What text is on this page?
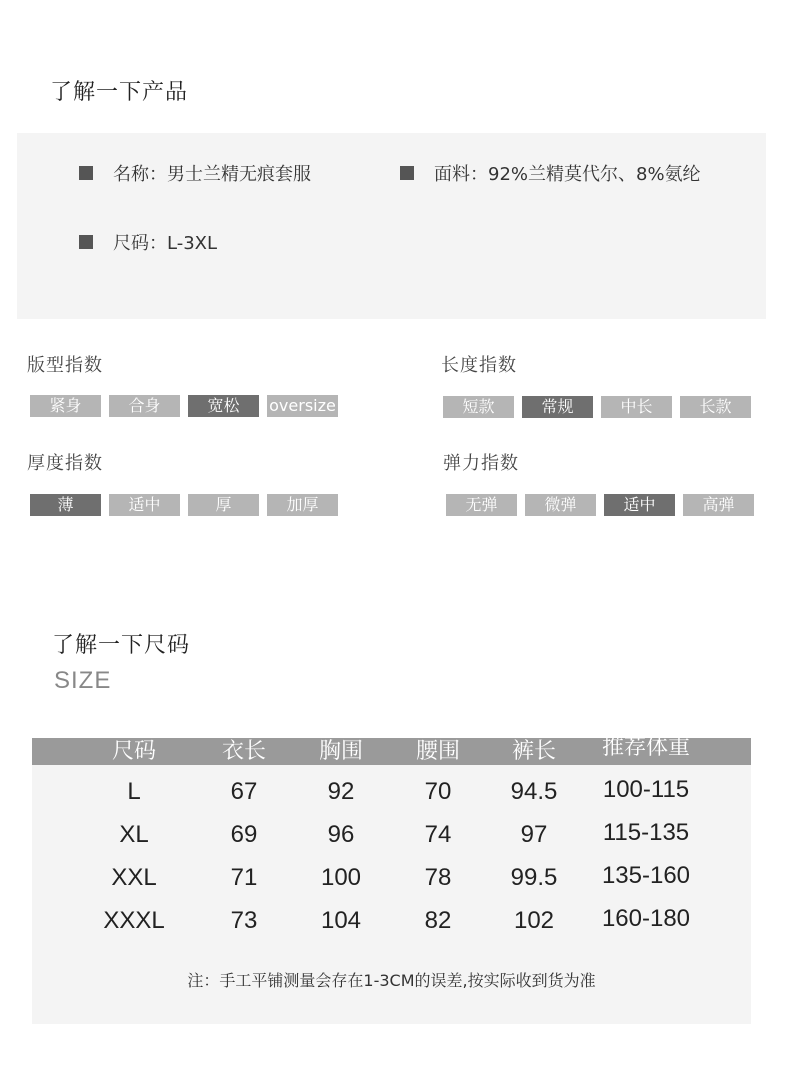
了解一下产品
名称：男士兰精无痕套服	面料：92%兰精莫代尔、8%氨纶
尺码：L-3XL
版型指数
紧身	合身	宽松	oversize
长度指数
短款	常规	中长	长款
厚度指数
薄	适中	厚	加厚
弹力指数
无弹	微弹	适中	高弹
了解一下尺码
SIZE
尺码	衣长	胸围	腰围	裤长	推荐体重
L	67	92	70	94.5	100-115
XL	69	96	74	97	115-135
XXL	71	100	78	99.5	135-160
XXXL	73	104	82	102	160-180
注：手工平铺测量会存在1-3CM的误差,按实际收到货为准
